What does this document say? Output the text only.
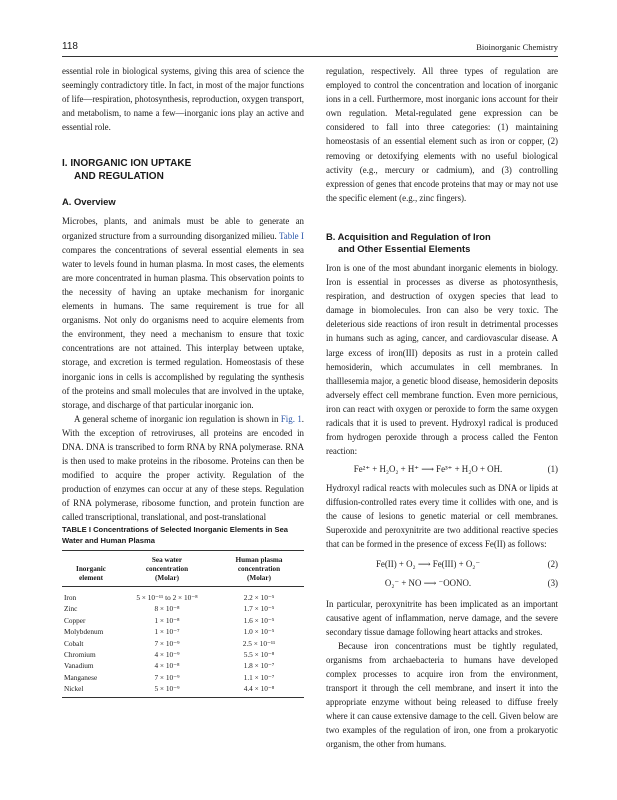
118	Bioinorganic Chemistry

essential role in biological systems, giving this area of science the seemingly contradictory title. In fact, in most of the major functions of life—respiration, photosynthesis, reproduction, oxygen transport, and metabolism, to name a few—inorganic ions play an active and essential role.

I. INORGANIC ION UPTAKE
AND REGULATION
A. Overview

Microbes, plants, and animals must be able to generate an organized structure from a surrounding disorganized milieu. Table I compares the concentrations of several essential elements in sea water to levels found in human plasma. In most cases, the elements are more concentrated in human plasma. This observation points to the necessity of having an uptake mechanism for inorganic elements in humans. The same requirement is true for all organisms. Not only do organisms need to acquire elements from the environment, they need a mechanism to ensure that toxic concentrations are not attained. This interplay between uptake, storage, and excretion is termed regulation. Homeostasis of these inorganic ions in cells is accomplished by regulating the synthesis of the proteins and small molecules that are involved in the uptake, storage, and discharge of that particular inorganic ion.

A general scheme of inorganic ion regulation is shown in Fig. 1. With the exception of retroviruses, all proteins are encoded in DNA. DNA is transcribed to form RNA by RNA polymerase. RNA is then used to make proteins in the ribosome. Proteins can then be modified to acquire the proper activity. Regulation of the production of enzymes can occur at any of these steps. Regulation of RNA polymerase, ribosome function, and protein function are called transcriptional, translational, and post-translational

TABLE I Concentrations of Selected Inorganic Elements in Sea Water and Human Plasma
Inorganic
element

Sea water
concentration
(Molar)

Human plasma
concentration
(Molar)
Iron	5 × 10⁻¹¹ to 2 × 10⁻⁸	2.2 × 10⁻⁵
Zinc	8 × 10⁻⁸	1.7 × 10⁻⁵
Copper	1 × 10⁻⁸	1.6 × 10⁻⁵
Molybdenum	1 × 10⁻⁷	1.0 × 10⁻⁵
Cobalt	7 × 10⁻⁹	2.5 × 10⁻¹¹
Chromium	4 × 10⁻⁹	5.5 × 10⁻⁸
Vanadium	4 × 10⁻⁸	1.8 × 10⁻⁷
Manganese	7 × 10⁻⁹	1.1 × 10⁻⁷
Nickel	5 × 10⁻⁹	4.4 × 10⁻⁸

regulation, respectively. All three types of regulation are employed to control the concentration and location of inorganic ions in a cell. Furthermore, most inorganic ions account for their own regulation. Metal-regulated gene expression can be considered to fall into three categories: (1) maintaining homeostasis of an essential element such as iron or copper, (2) removing or detoxifying elements with no useful biological activity (e.g., mercury or cadmium), and (3) controlling expression of genes that encode proteins that may or may not use the specific element (e.g., zinc fingers).

B. Acquisition and Regulation of Iron
and Other Essential Elements

Iron is one of the most abundant inorganic elements in biology. Iron is essential in processes as diverse as photosynthesis, respiration, and destruction of oxygen species that lead to damage in biomolecules. Iron can also be very toxic. The deleterious side reactions of iron result in detrimental processes in humans such as aging, cancer, and cardiovascular disease. A large excess of iron(III) deposits as rust in a protein called hemosiderin, which accumulates in cell membranes. In thalllesemia major, a genetic blood disease, hemosiderin deposits adversely effect cell membrane function. Even more pernicious, iron can react with oxygen or peroxide to form the same oxygen radicals that it is used to prevent. Hydroxyl radical is produced from hydrogen peroxide through a process called the Fenton reaction:

Fe²⁺ + H₂O₂ + H⁺ ⟶ Fe³⁺ + H₂O + OH.	(1)

Hydroxyl radical reacts with molecules such as DNA or lipids at diffusion-controlled rates every time it collides with one, and is the cause of lesions to genetic material or cell membranes. Superoxide and peroxynitrite are two additional reactive species that can be formed in the presence of excess Fe(II) as follows:

Fe(II) + O₂ ⟶ Fe(III) + O₂⁻	(2)
O₂⁻ + NO ⟶ ⁻OONO.	(3)

In particular, peroxynitrite has been implicated as an important causative agent of inflammation, nerve damage, and the severe secondary tissue damage following heart attacks and strokes.

Because iron concentrations must be tightly regulated, organisms from archaebacteria to humans have developed complex processes to acquire iron from the environment, transport it through the cell membrane, and insert it into the appropriate enzyme without being released to diffuse freely where it can cause extensive damage to the cell. Given below are two examples of the regulation of iron, one from a prokaryotic organism, the other from humans.
